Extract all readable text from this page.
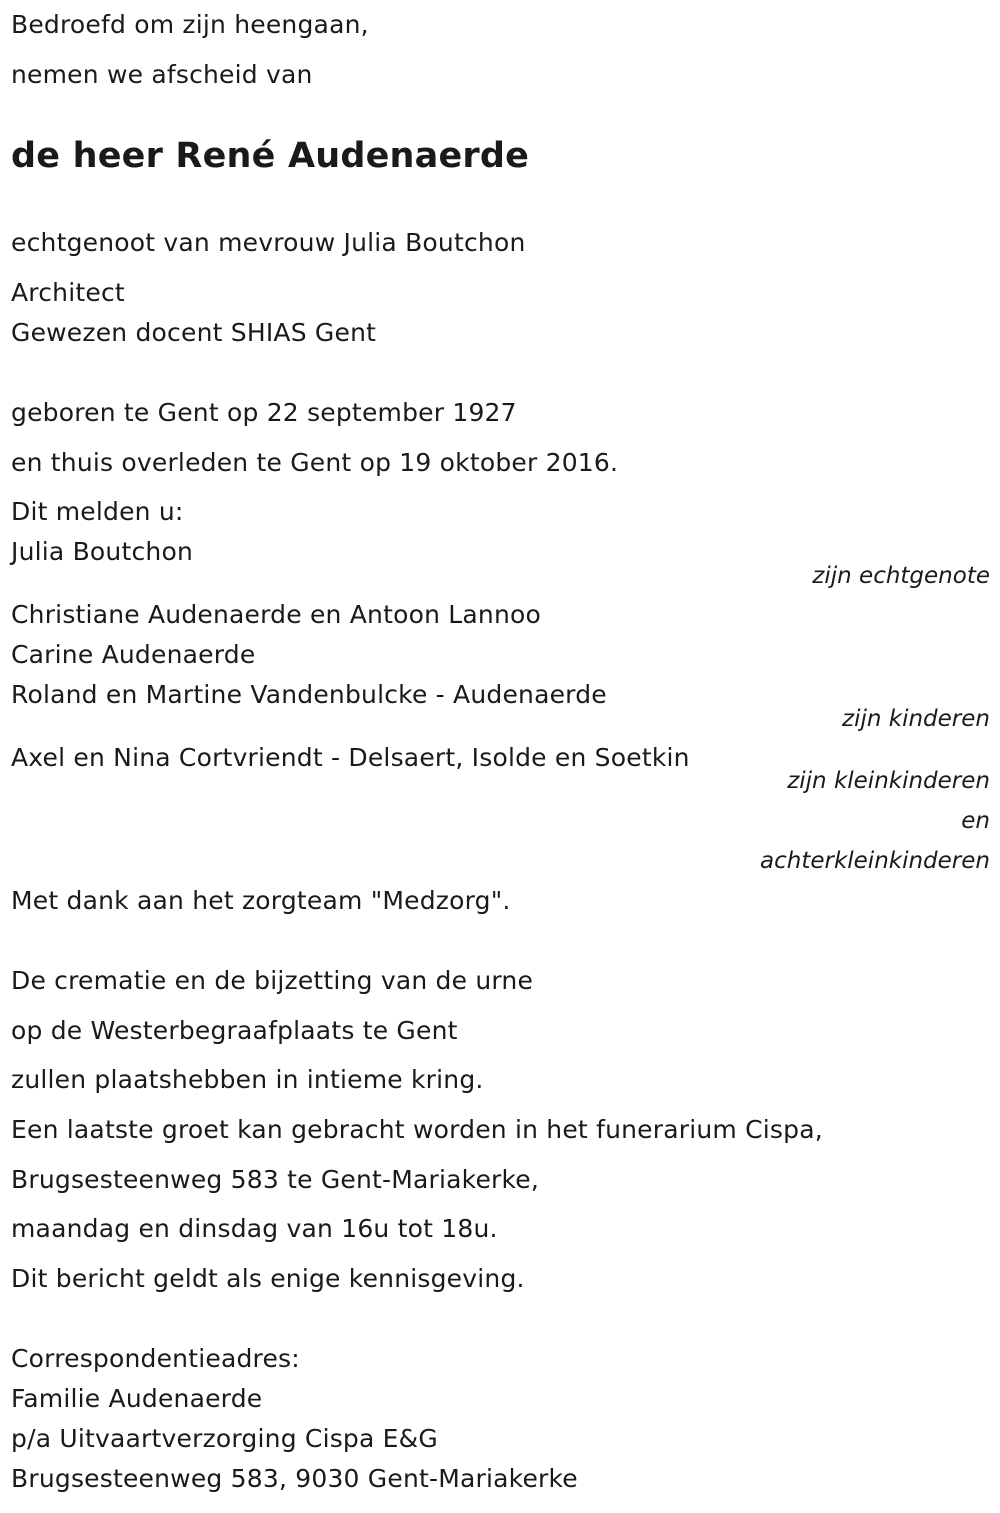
Bedroefd om zijn heengaan,
nemen we afscheid van
de heer René Audenaerde
echtgenoot van mevrouw Julia Boutchon
Architect
Gewezen docent SHIAS Gent
geboren te Gent op 22 september 1927
en thuis overleden te Gent op 19 oktober 2016.
Dit melden u:
Julia Boutchon
zijn echtgenote
Christiane Audenaerde en Antoon Lannoo
Carine Audenaerde
Roland en Martine Vandenbulcke - Audenaerde
zijn kinderen
Axel en Nina Cortvriendt - Delsaert, Isolde en Soetkin
zijn kleinkinderen
en
achterkleinkinderen
Met dank aan het zorgteam "Medzorg".
De crematie en de bijzetting van de urne
op de Westerbegraafplaats te Gent
zullen plaatshebben in intieme kring.
Een laatste groet kan gebracht worden in het funerarium Cispa,
Brugsesteenweg 583 te Gent-Mariakerke,
maandag en dinsdag van 16u tot 18u.
Dit bericht geldt als enige kennisgeving.
Correspondentieadres:
Familie Audenaerde
p/a Uitvaartverzorging Cispa E&G
Brugsesteenweg 583, 9030 Gent-Mariakerke
